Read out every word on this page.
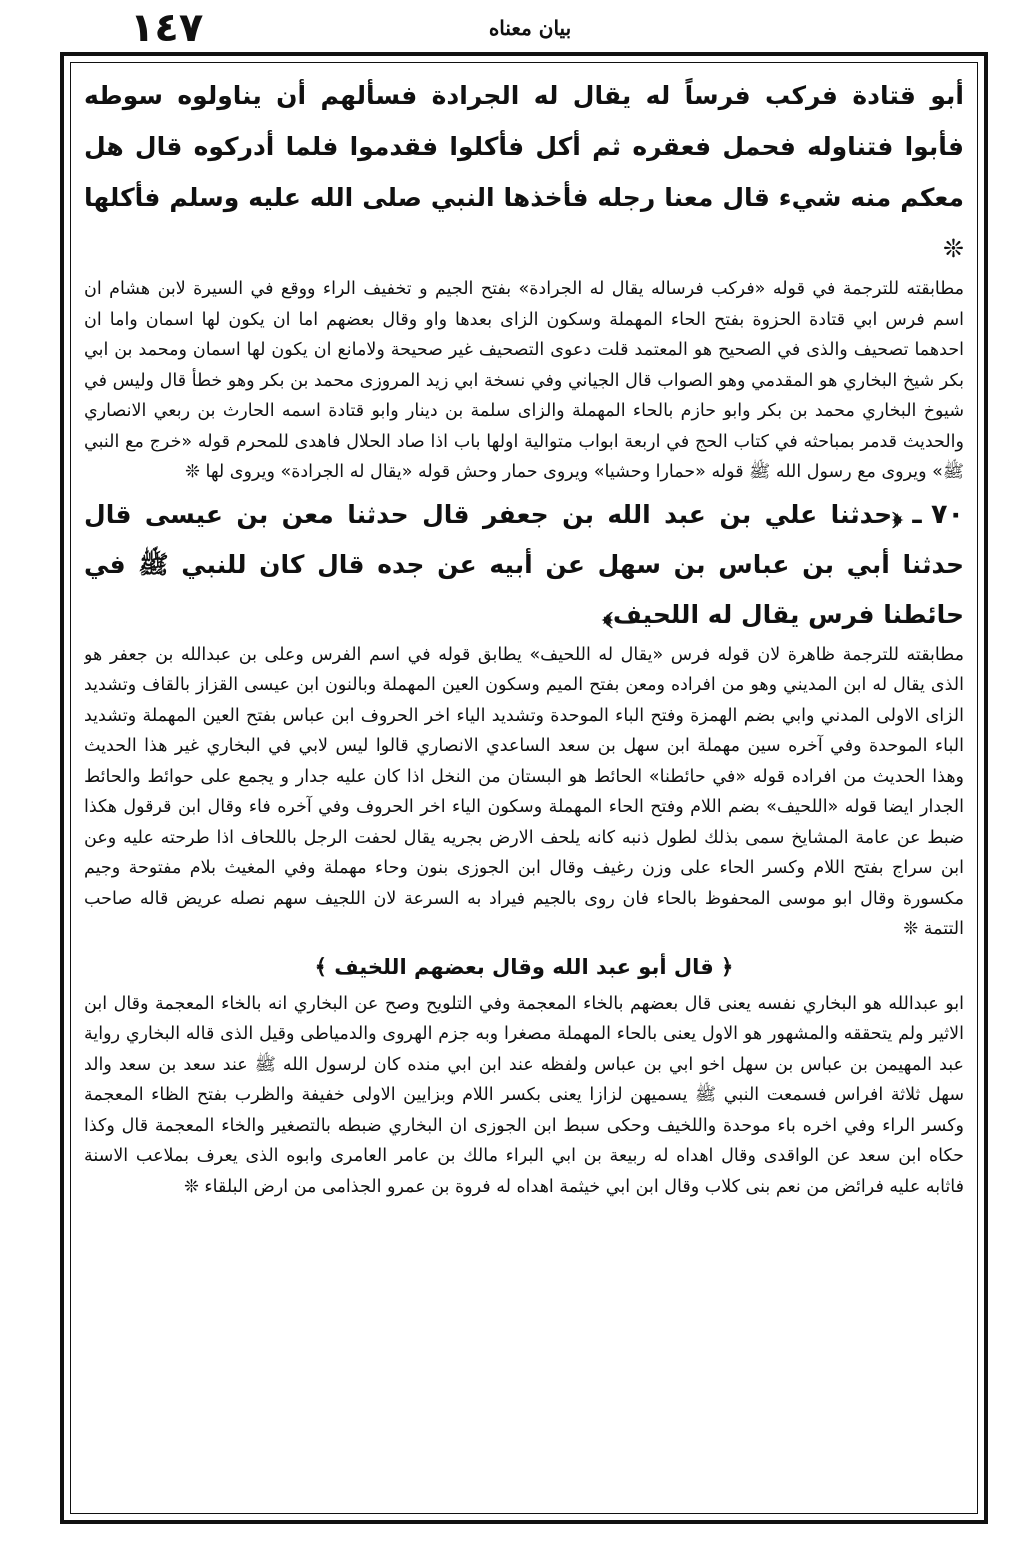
١٤٧	بيان معناه

أبو قتادة فركب فرساً له يقال له الجرادة فسألهم أن يناولوه سوطه فأبوا فتناوله فحمل فعقره ثم أكل فأكلوا فقدموا فلما أدركوه قال هل معكم منه شيء قال معنا رجله فأخذها النبي صلى الله عليه وسلم فأكلها ❊

مطابقته للترجمة في قوله «فركب فرساله يقال له الجرادة» بفتح الجيم و تخفيف الراء ووقع في السيرة لابن هشام ان اسم فرس ابي قتادة الحزوة بفتح الحاء المهملة وسكون الزاى بعدها واو وقال بعضهم اما ان يكون لها اسمان واما ان احدهما تصحيف والذى في الصحيح هو المعتمد قلت دعوى التصحيف غير صحيحة ولامانع ان يكون لها اسمان ومحمد بن ابي بكر شيخ البخاري هو المقدمي وهو الصواب قال الجياني وفي نسخة ابي زيد المروزى محمد بن بكر وهو خطأ قال وليس في شيوخ البخاري محمد بن بكر وابو حازم بالحاء المهملة والزاى سلمة بن دينار وابو قتادة اسمه الحارث بن ربعي الانصاري والحديث قدمر بمباحثه في كتاب الحج في اربعة ابواب متوالية اولها باب اذا صاد الحلال فاهدى للمحرم قوله «خرج مع النبي ﷺ» ويروى مع رسول الله ﷺ قوله «حمارا وحشيا» ويروى حمار وحش قوله «يقال له الجرادة» ويروى لها ❊

٧٠ ـ﴿حدثنا علي بن عبد الله بن جعفر قال حدثنا معن بن عيسى قال حدثنا أبي بن عباس بن سهل عن أبيه عن جده قال كان للنبي ﷺ في حائطنا فرس يقال له اللحيف﴾

مطابقته للترجمة ظاهرة لان قوله فرس «يقال له اللحيف» يطابق قوله في اسم الفرس وعلى بن عبدالله بن جعفر هو الذى يقال له ابن المديني وهو من افراده ومعن بفتح الميم وسكون العين المهملة وبالنون ابن عيسى القزاز بالقاف وتشديد الزاى الاولى المدني وابي بضم الهمزة وفتح الباء الموحدة وتشديد الياء اخر الحروف ابن عباس بفتح العين المهملة وتشديد الباء الموحدة وفي آخره سين مهملة ابن سهل بن سعد الساعدي الانصاري قالوا ليس لابي في البخاري غير هذا الحديث وهذا الحديث من افراده قوله «في حائطنا» الحائط هو البستان من النخل اذا كان عليه جدار و يجمع على حوائط والحائط الجدار ايضا قوله «اللحيف» بضم اللام وفتح الحاء المهملة وسكون الياء اخر الحروف وفي آخره فاء وقال ابن قرقول هكذا ضبط عن عامة المشايخ سمى بذلك لطول ذنبه كانه يلحف الارض بجريه يقال لحفت الرجل باللحاف اذا طرحته عليه وعن ابن سراج بفتح اللام وكسر الحاء على وزن رغيف وقال ابن الجوزى بنون وحاء مهملة وفي المغيث بلام مفتوحة وجيم مكسورة وقال ابو موسى المحفوظ بالحاء فان روى بالجيم فيراد به السرعة لان اللجيف سهم نصله عريض قاله صاحب التتمة ❊

﴿ قال أبو عبد الله وقال بعضهم اللخيف ﴾

ابو عبدالله هو البخاري نفسه يعنى قال بعضهم بالخاء المعجمة وفي التلويح وصح عن البخاري انه بالخاء المعجمة وقال ابن الاثير ولم يتحققه والمشهور هو الاول يعنى بالحاء المهملة مصغرا وبه جزم الهروى والدمياطى وقيل الذى قاله البخاري رواية عبد المهيمن بن عباس بن سهل اخو ابي بن عباس ولفظه عند ابن ابي منده كان لرسول الله ﷺ عند سعد بن سعد والد سهل ثلاثة افراس فسمعت النبي ﷺ يسميهن لزازا يعنى بكسر اللام وبزايين الاولى خفيفة والظرب بفتح الظاء المعجمة وكسر الراء وفي اخره باء موحدة واللخيف وحكى سبط ابن الجوزى ان البخاري ضبطه بالتصغير والخاء المعجمة قال وكذا حكاه ابن سعد عن الواقدى وقال اهداه له ربيعة بن ابي البراء مالك بن عامر العامرى وابوه الذى يعرف بملاعب الاسنة فاثابه عليه فرائض من نعم بنى كلاب وقال ابن ابي خيثمة اهداه له فروة بن عمرو الجذامى من ارض البلقاء ❊
